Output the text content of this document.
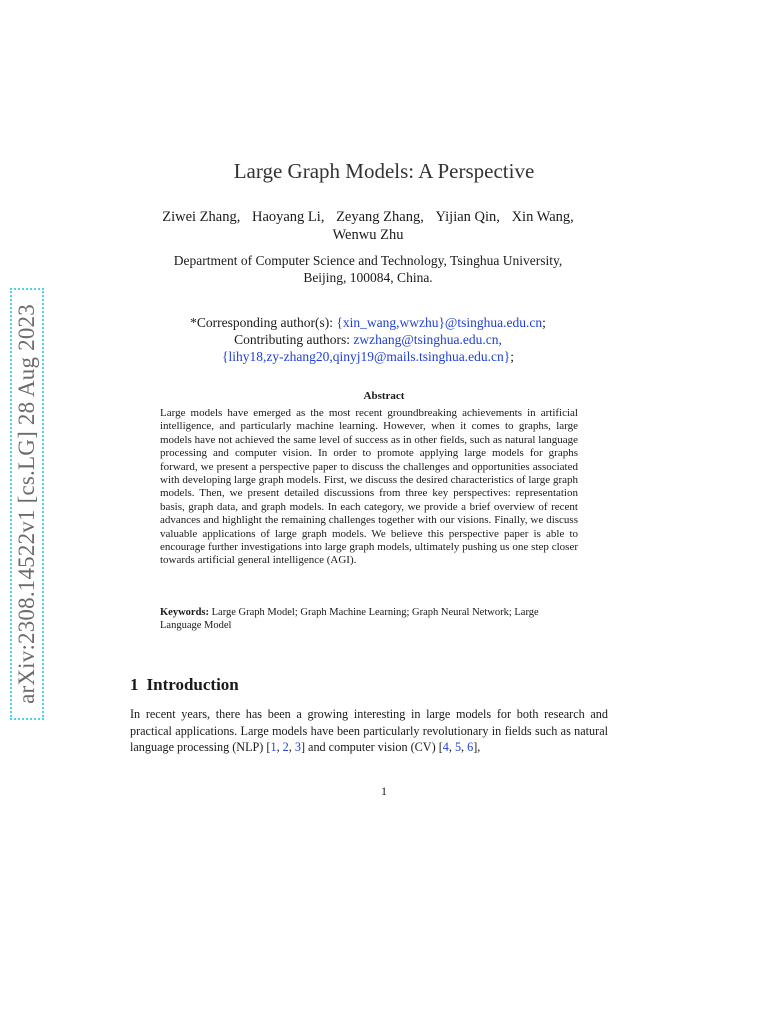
arXiv:2308.14522v1 [cs.LG] 28 Aug 2023
Large Graph Models: A Perspective
Ziwei Zhang, Haoyang Li, Zeyang Zhang, Yijian Qin, Xin Wang,
Wenwu Zhu
Department of Computer Science and Technology, Tsinghua University,
Beijing, 100084, China.
*Corresponding author(s): {xin_wang,wwzhu}@tsinghua.edu.cn;
Contributing authors: zwzhang@tsinghua.edu.cn,
{lihy18,zy-zhang20,qinyj19@mails.tsinghua.edu.cn};
Abstract
Large models have emerged as the most recent groundbreaking achievements in artificial intelligence, and particularly machine learning. However, when it comes to graphs, large models have not achieved the same level of success as in other fields, such as natural language processing and computer vision. In order to promote applying large models for graphs forward, we present a perspective paper to discuss the challenges and opportunities associated with developing large graph models. First, we discuss the desired characteristics of large graph models. Then, we present detailed discussions from three key perspectives: representation basis, graph data, and graph models. In each category, we provide a brief overview of recent advances and highlight the remaining challenges together with our visions. Finally, we discuss valuable applications of large graph models. We believe this perspective paper is able to encourage further investigations into large graph models, ultimately pushing us one step closer towards artificial general intelligence (AGI).
Keywords: Large Graph Model; Graph Machine Learning; Graph Neural Network; Large Language Model
1 Introduction
In recent years, there has been a growing interesting in large models for both research and practical applications. Large models have been particularly revolutionary in fields such as natural language processing (NLP) [1, 2, 3] and computer vision (CV) [4, 5, 6],
1
